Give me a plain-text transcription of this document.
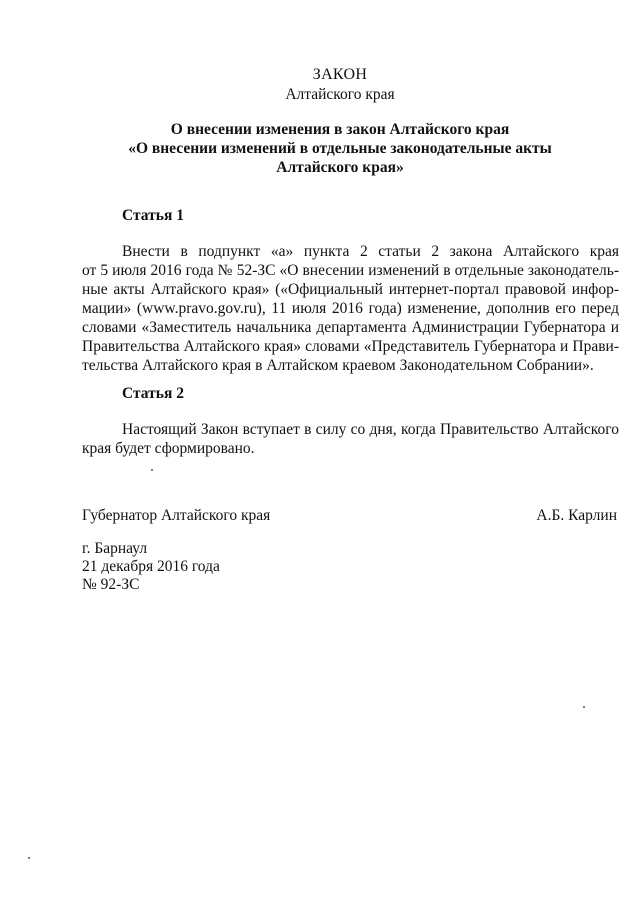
ЗАКОН
Алтайского края
О внесении изменения в закон Алтайского края
«О внесении изменений в отдельные законодательные акты
Алтайского края»
Статья 1
Внести в подпункт «а» пункта 2 статьи 2 закона Алтайского края
от 5 июля 2016 года № 52-ЗС «О внесении изменений в отдельные законодатель-
ные акты Алтайского края» («Официальный интернет-портал правовой инфор-
мации» (www.pravo.gov.ru), 11 июля 2016 года) изменение, дополнив его перед
словами «Заместитель начальника департамента Администрации Губернатора и
Правительства Алтайского края» словами «Представитель Губернатора и Прави-
тельства Алтайского края в Алтайском краевом Законодательном Собрании».
Статья 2
Настоящий Закон вступает в силу со дня, когда Правительство Алтайского
края будет сформировано.
Губернатор Алтайского края	А.Б. Карлин
г. Барнаул
21 декабря 2016 года
№ 92-ЗС
